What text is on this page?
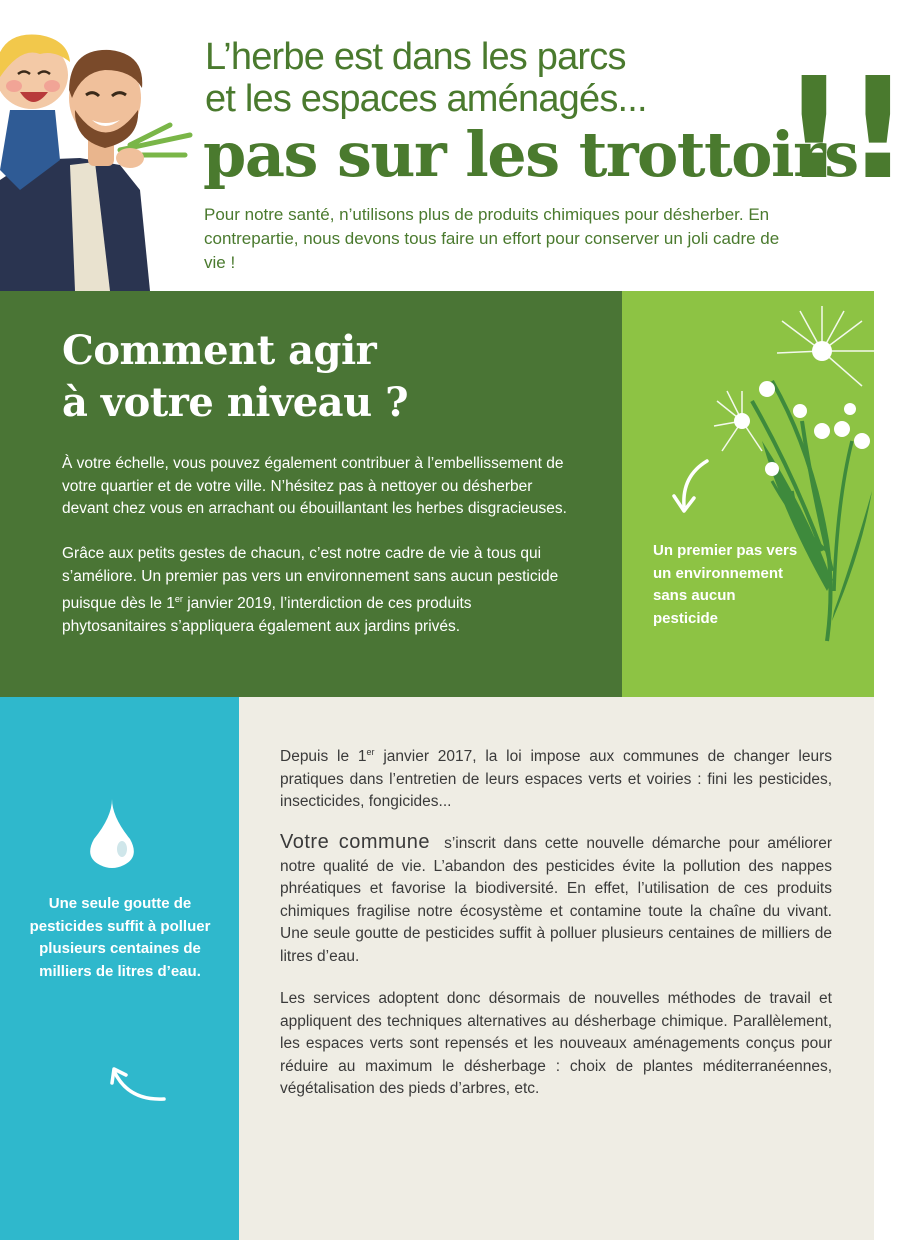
L’herbe est dans les parcs
et les espaces aménagés...
pas sur les trottoirs
!!

Pour notre santé, n’utilisons plus de produits chimiques pour désherber. En contrepartie, nous devons tous faire un effort pour conserver un joli cadre de vie !

Comment agir
à votre niveau ?

À votre échelle, vous pouvez également contribuer à l’embellissement de votre quartier et de votre ville. N’hésitez pas à nettoyer ou désherber devant chez vous en arrachant ou ébouillantant les herbes disgracieuses.

Grâce aux petits gestes de chacun, c’est notre cadre de vie à tous qui s’améliore. Un premier pas vers un environnement sans aucun pesticide puisque dès le 1er janvier 2019, l’interdiction de ces produits phytosanitaires s’appliquera également aux jardins privés.

Un premier pas vers un environnement sans aucun pesticide
Une seule goutte de pesticides suffit à polluer plusieurs centaines de milliers de litres d’eau.

Depuis le 1er janvier 2017, la loi impose aux communes de changer leurs pratiques dans l’entretien de leurs espaces verts et voiries : fini les pesticides, insecticides, fongicides...

Votre commune s’inscrit dans cette nouvelle démarche pour améliorer notre qualité de vie. L’abandon des pesticides évite la pollution des nappes phréatiques et favorise la biodiversité. En effet, l’utilisation de ces produits chimiques fragilise notre écosystème et contamine toute la chaîne du vivant. Une seule goutte de pesticides suffit à polluer plusieurs centaines de milliers de litres d’eau.

Les services adoptent donc désormais de nouvelles méthodes de travail et appliquent des techniques alternatives au désherbage chimique. Parallèlement, les espaces verts sont repensés et les nouveaux aménagements conçus pour réduire au maximum le désherbage : choix de plantes méditerranéennes, végétalisation des pieds d’arbres, etc.
